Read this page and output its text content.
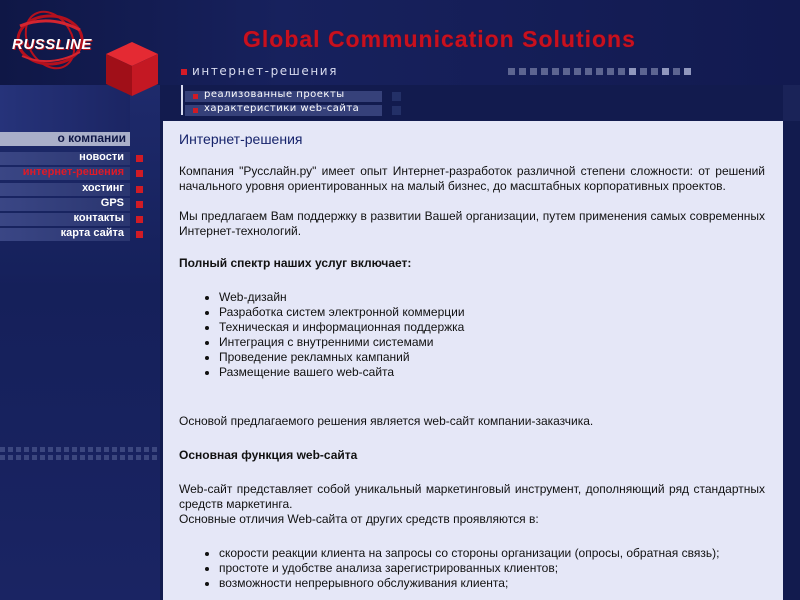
RUSSLINE	Global Communication Solutions
интернет-решения
о компании
новости
интернет-решения
хостинг
GPS
контакты
карта сайта
реализованные проекты
характеристики web-сайта
Интернет-решения

Компания "Русслайн.ру" имеет опыт Интернет-разработок различной степени сложности: от решений начального уровня ориентированных на малый бизнес, до масштабных корпоративных проектов.

Мы предлагаем Вам поддержку в развитии Вашей организации, путем применения самых современных Интернет-технологий.

Полный спектр наших услуг включает:

• Web-дизайн
• Разработка систем электронной коммерции
• Техническая и информационная поддержка
• Интеграция с внутренними системами
• Проведение рекламных кампаний
• Размещение вашего web-сайта

Основой предлагаемого решения является web-сайт компании-заказчика.

Основная функция web-сайта

Web-сайт представляет собой уникальный маркетинговый инструмент, дополняющий ряд стандартных средств маркетинга.

Основные отличия Web-сайта от других средств проявляются в:

• скорости реакции клиента на запросы со стороны организации (опросы, обратная связь);
• простоте и удобстве анализа зарегистрированных клиентов;
• возможности непрерывного обслуживания клиента;
